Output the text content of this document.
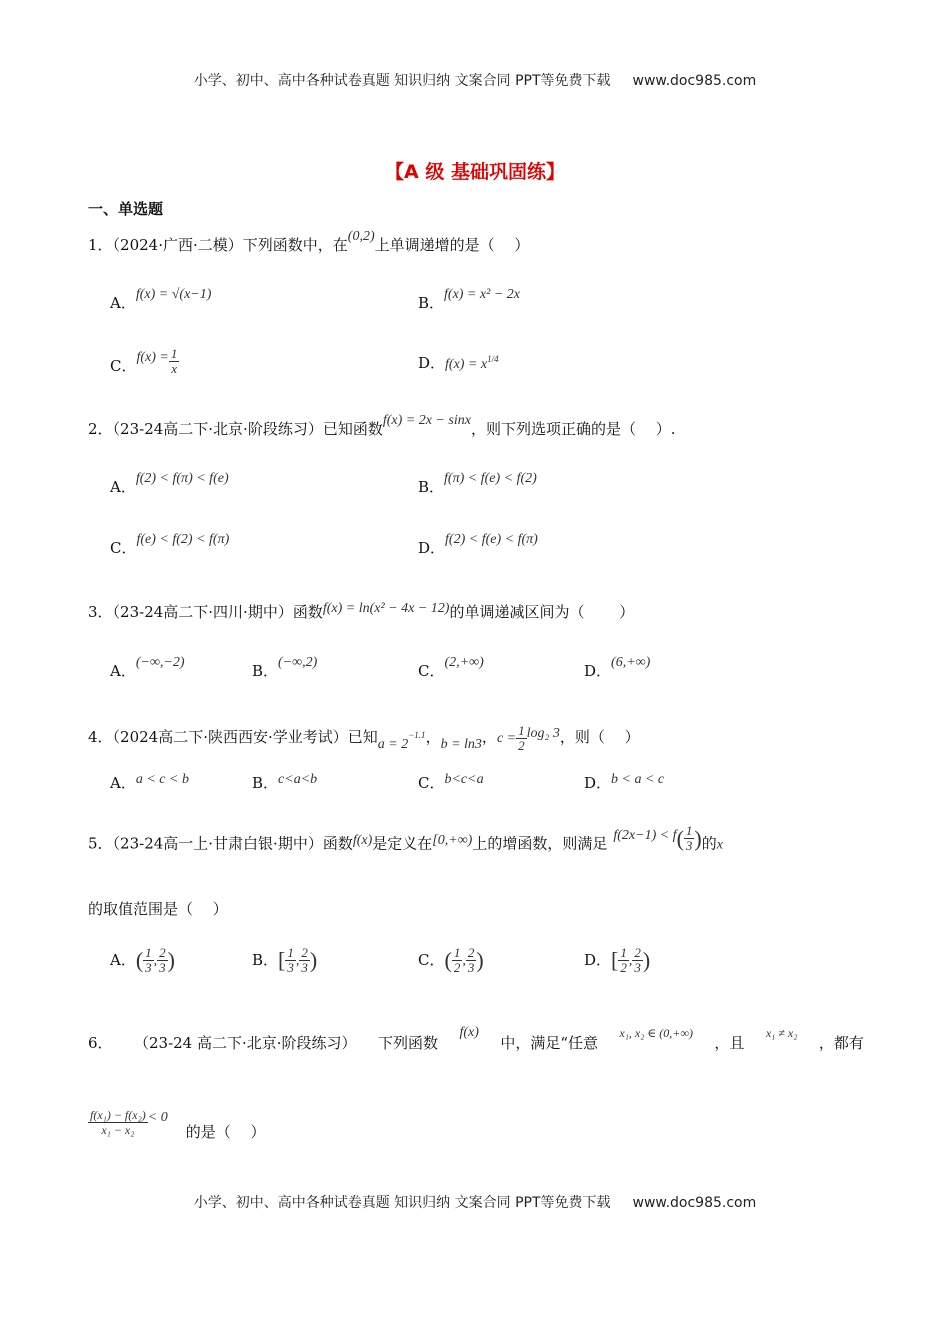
小学、初中、高中各种试卷真题 知识归纳 文案合同 PPT等免费下载 www.doc985.com
【A 级 基础巩固练】
一、单选题
1．（2024·广西·二模）下列函数中，在(0,2)上单调递增的是（　 ）
A．f(x) = √(x−1)	B．f(x) = x² − 2x
C．$f(x) = \frac{1}{x}$	D．$f(x) = x^{1/4}$
2．（23-24高二下·北京·阶段练习）已知函数f(x) = 2x − sinx，则下列选项正确的是（　 ）.
A．f(2) < f(π) < f(e)	B．f(π) < f(e) < f(2)
C．f(e) < f(2) < f(π)	D．f(2) < f(e) < f(π)
3．（23-24高二下·四川·期中）函数f(x) = ln(x² − 4x − 12)的单调递减区间为（　　 ）
A．(−∞,−2)	B．(−∞,2)	C．(2,+∞)	D．(6,+∞)
4．（2024高二下·陕西西安·学业考试）已知$a = 2^{-1.1}$，b = ln3，$c = \frac{1}{2} \log_2$ 3，则（　 ）
A．a < c < b	B．c<a<b	C．b<c<a	D．b < a < c
5．（23-24高一上·甘肃白银·期中）函数f(x)是定义在[0,+∞)上的增函数，则满足 $f(2x-1) < f( \frac{1}{3}$ )的x
的取值范围是（　 ）
A．( $\frac{1}{3}$ , $\frac{2}{3}$ )	B．[ $\frac{1}{3}$ , $\frac{2}{3}$ )	C．( $\frac{1}{2}$ , $\frac{2}{3}$ )	D．[ $\frac{1}{2}$ , $\frac{2}{3}$ )
6． （23-24 高二下·北京·阶段练习） 下列函数
f(x)
中，满足“任意
x₁, x₂ ∈ (0,+∞)
，且
x₁ ≠ x₂
，都有
$\frac{\text{f(x₁) − f(x₂)}}{\text{x₁ − x₂}} < 0$的是（　 ）
小学、初中、高中各种试卷真题 知识归纳 文案合同 PPT等免费下载 www.doc985.com
